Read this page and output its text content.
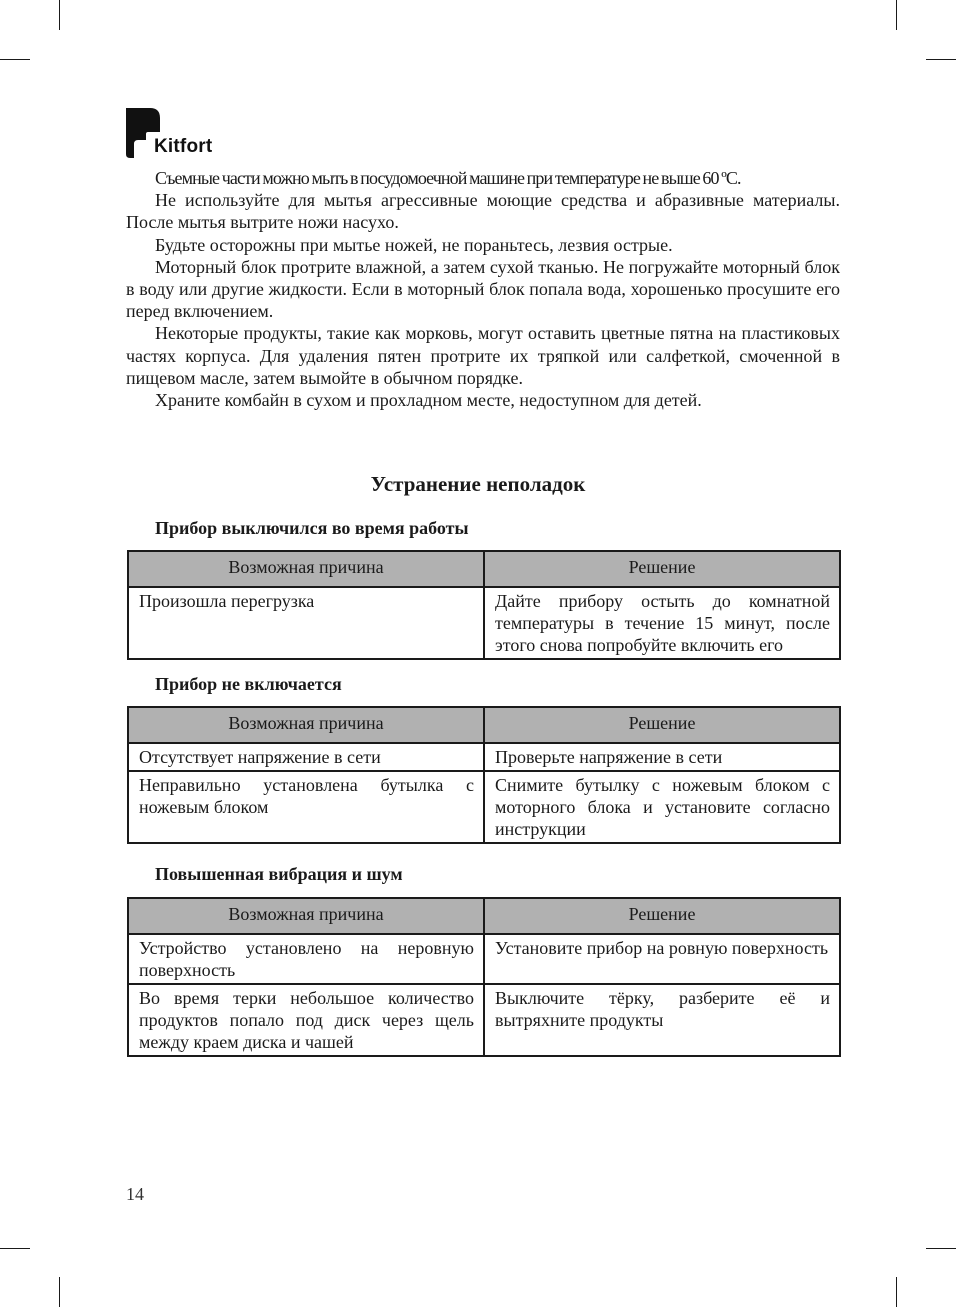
Kitfort

Съемные части можно мыть в посудомоечной машине при температуре не выше 60 ºС.

Не используйте для мытья агрессивные моющие средства и абразивные материалы. После мытья вытрите ножи насухо.

Будьте осторожны при мытье ножей, не пораньтесь, лезвия острые.

Моторный блок протрите влажной, а затем сухой тканью. Не погружайте моторный блок в воду или другие жидкости. Если в моторный блок попала вода, хорошенько просушите его перед включением.

Некоторые продукты, такие как морковь, могут оставить цветные пятна на пластиковых частях корпуса. Для удаления пятен протрите их тряпкой или салфеткой, смоченной в пищевом масле, затем вымойте в обычном порядке.

Храните комбайн в сухом и прохладном месте, недоступном для детей.

Устранение неполадок
Прибор выключился во время работы
Возможная причина	Решение
Произошла перегрузка	Дайте прибору остыть до комнатной температуры в течение 15 минут, после этого снова попробуйте включить его
Прибор не включается
Возможная причина	Решение
Отсутствует напряжение в сети	Проверьте напряжение в сети
Неправильно установлена бутылка с ножевым блоком	Снимите бутылку с ножевым блоком с моторного блока и установите согласно инструкции
Повышенная вибрация и шум
Возможная причина	Решение
Устройство установлено на неровную поверхность	Установите прибор на ровную поверхность
Во время терки небольшое количество продуктов попало под диск через щель между краем диска и чашей	Выключите тёрку, разберите её и вытряхните продукты
14
